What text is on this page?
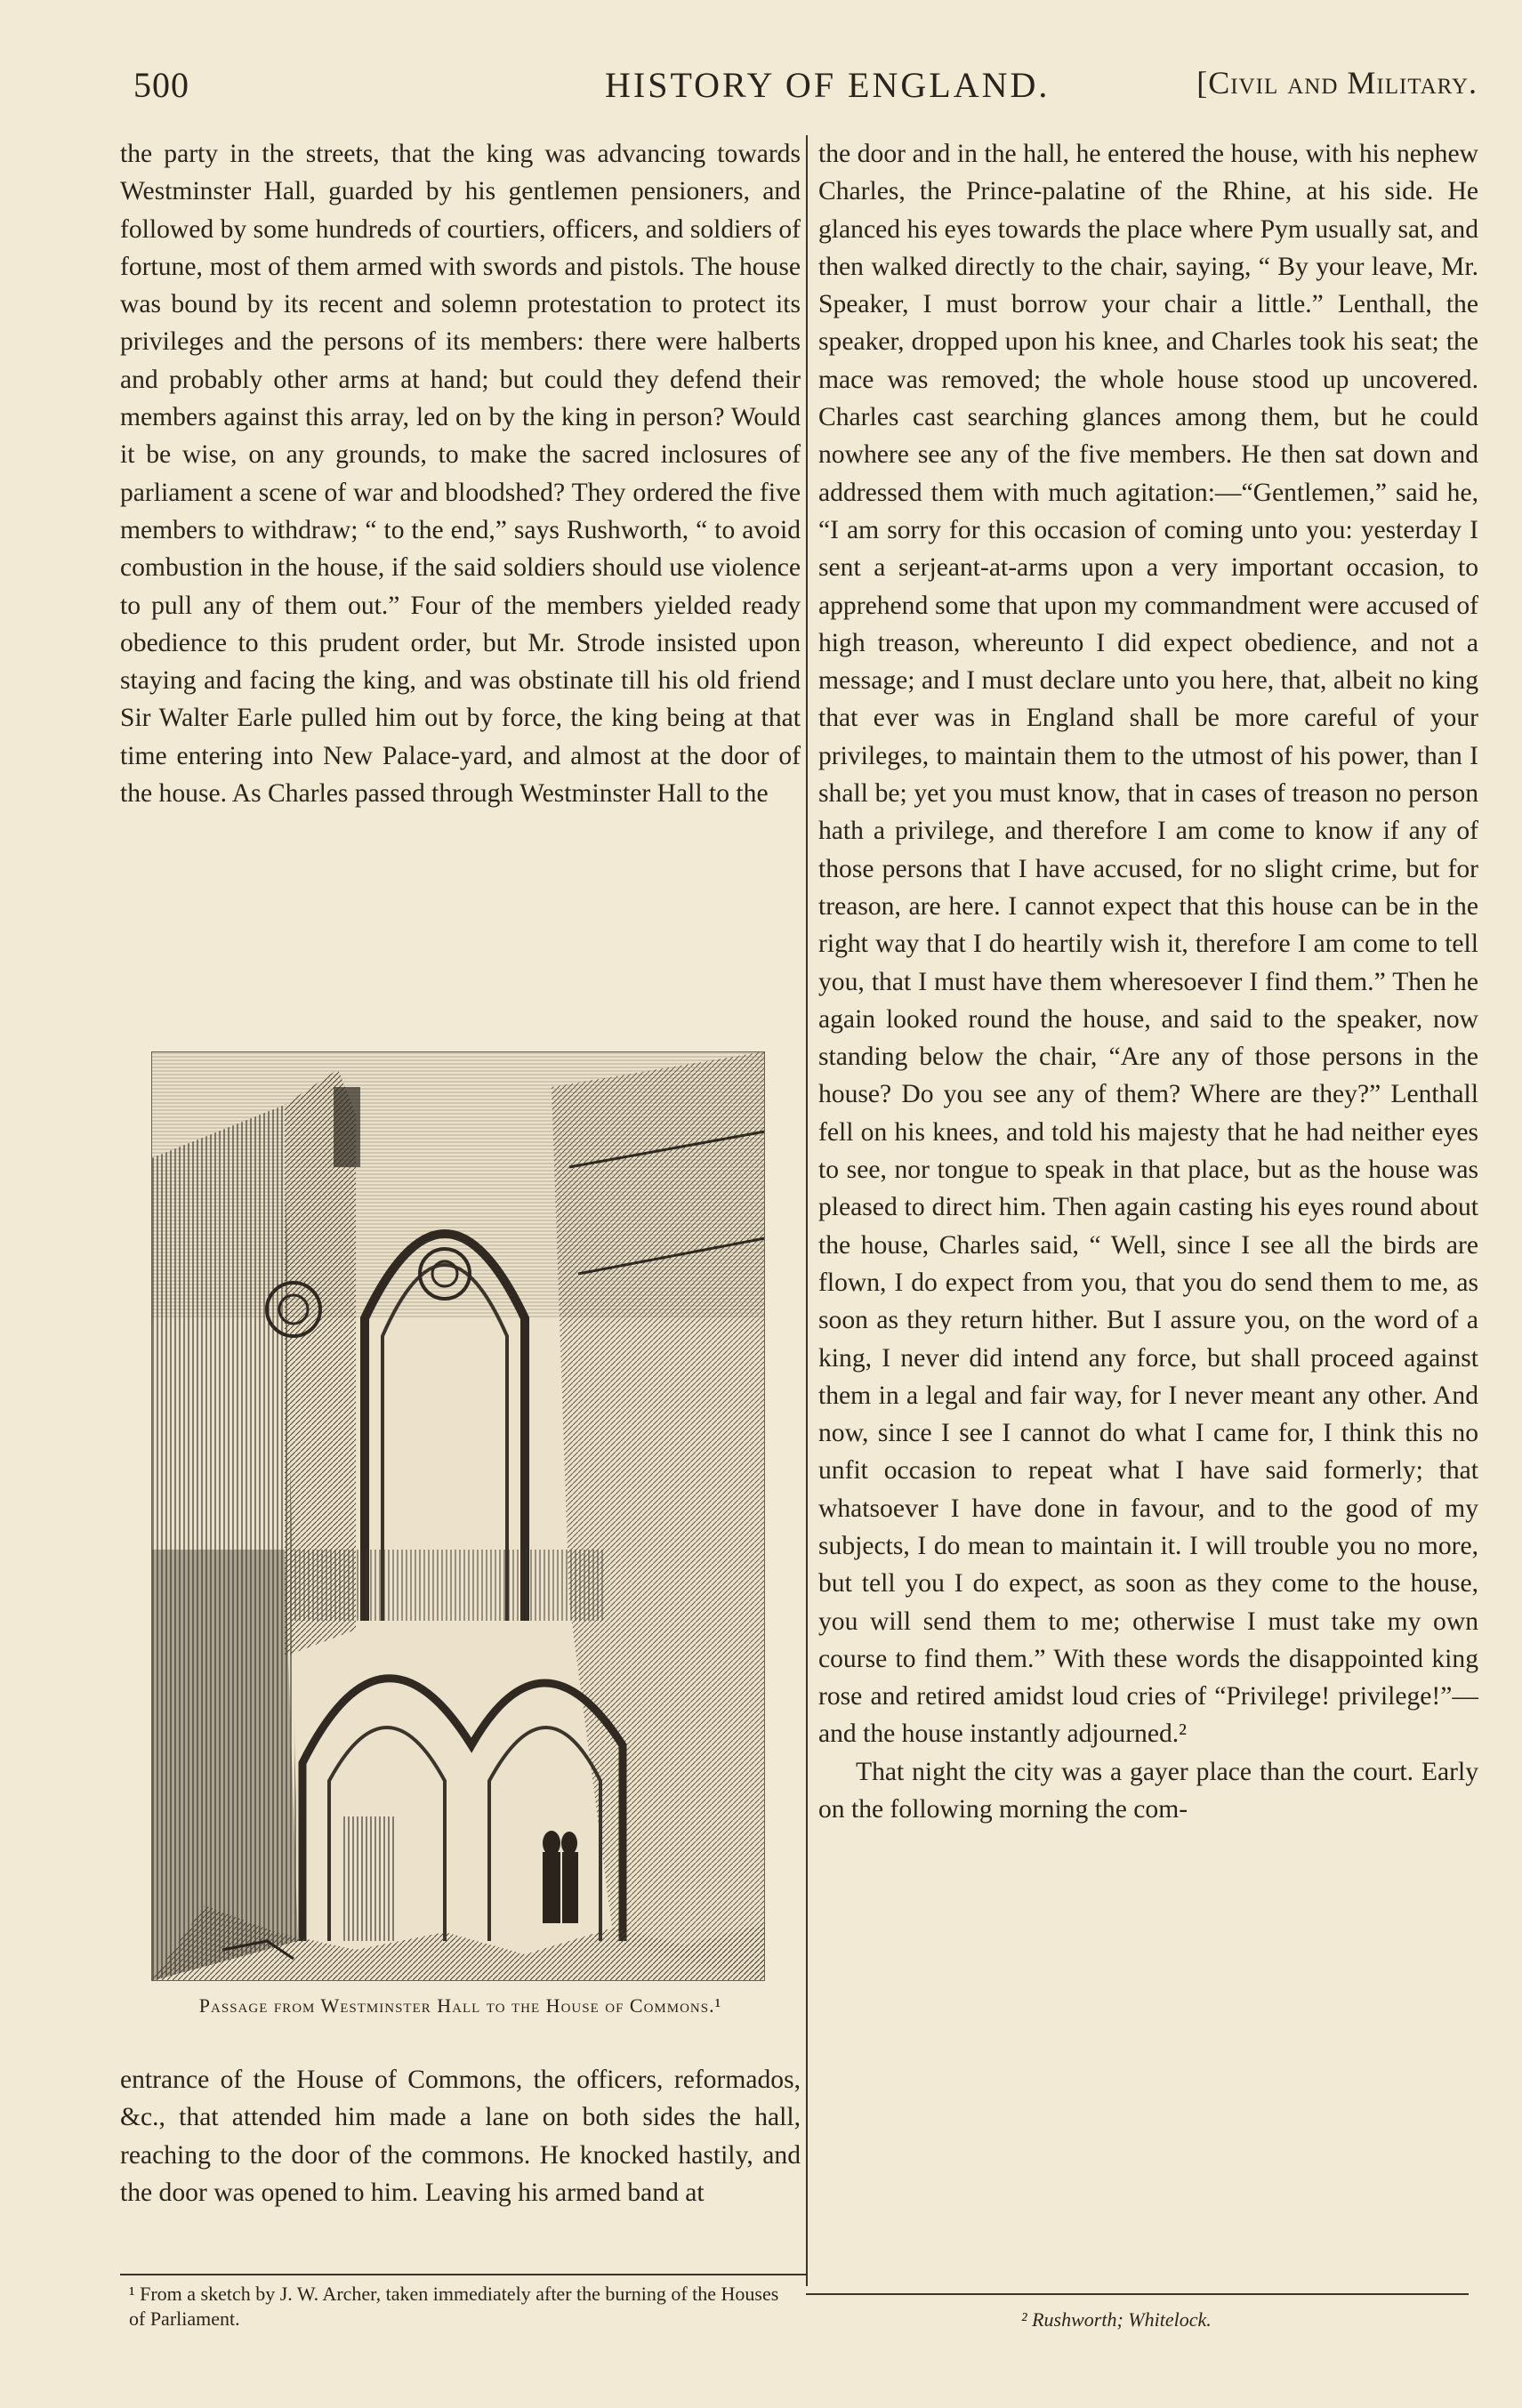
500	HISTORY OF ENGLAND.	[Civil and Military.

the party in the streets, that the king was advancing towards Westminster Hall, guarded by his gentlemen pensioners, and followed by some hundreds of courtiers, officers, and soldiers of fortune, most of them armed with swords and pistols. The house was bound by its recent and solemn protestation to protect its privileges and the persons of its members: there were halberts and probably other arms at hand; but could they defend their members against this array, led on by the king in person? Would it be wise, on any grounds, to make the sacred inclosures of parliament a scene of war and bloodshed? They ordered the five members to withdraw; “ to the end,” says Rushworth, “ to avoid combustion in the house, if the said soldiers should use violence to pull any of them out.” Four of the members yielded ready obedience to this prudent order, but Mr. Strode insisted upon staying and facing the king, and was obstinate till his old friend Sir Walter Earle pulled him out by force, the king being at that time entering into New Palace-yard, and almost at the door of the house. As Charles passed through Westminster Hall to the

Passage from Westminster Hall to the House of Commons.¹

entrance of the House of Commons, the officers, reformados, &c., that attended him made a lane on both sides the hall, reaching to the door of the commons. He knocked hastily, and the door was opened to him. Leaving his armed band at

the door and in the hall, he entered the house, with his nephew Charles, the Prince-palatine of the Rhine, at his side. He glanced his eyes towards the place where Pym usually sat, and then walked directly to the chair, saying, “ By your leave, Mr. Speaker, I must borrow your chair a little.” Lenthall, the speaker, dropped upon his knee, and Charles took his seat; the mace was removed; the whole house stood up uncovered. Charles cast searching glances among them, but he could nowhere see any of the five members. He then sat down and addressed them with much agitation:—“Gentlemen,” said he, “I am sorry for this occasion of coming unto you: yesterday I sent a serjeant-at-arms upon a very important occasion, to apprehend some that upon my commandment were accused of high treason, whereunto I did expect obedience, and not a message; and I must declare unto you here, that, albeit no king that ever was in England shall be more careful of your privileges, to maintain them to the utmost of his power, than I shall be; yet you must know, that in cases of treason no person hath a privilege, and therefore I am come to know if any of those persons that I have accused, for no slight crime, but for treason, are here. I cannot expect that this house can be in the right way that I do heartily wish it, therefore I am come to tell you, that I must have them wheresoever I find them.” Then he again looked round the house, and said to the speaker, now standing below the chair, “Are any of those persons in the house? Do you see any of them? Where are they?” Lenthall fell on his knees, and told his majesty that he had neither eyes to see, nor tongue to speak in that place, but as the house was pleased to direct him. Then again casting his eyes round about the house, Charles said, “ Well, since I see all the birds are flown, I do expect from you, that you do send them to me, as soon as they return hither. But I assure you, on the word of a king, I never did intend any force, but shall proceed against them in a legal and fair way, for I never meant any other. And now, since I see I cannot do what I came for, I think this no unfit occasion to repeat what I have said formerly; that whatsoever I have done in favour, and to the good of my subjects, I do mean to maintain it. I will trouble you no more, but tell you I do expect, as soon as they come to the house, you will send them to me; otherwise I must take my own course to find them.” With these words the disappointed king rose and retired amidst loud cries of “Privilege! privilege!”—and the house instantly adjourned.²

That night the city was a gayer place than the court. Early on the following morning the com-

¹ From a sketch by J. W. Archer, taken immediately after the burning of the Houses of Parliament.	² Rushworth; Whitelock.
